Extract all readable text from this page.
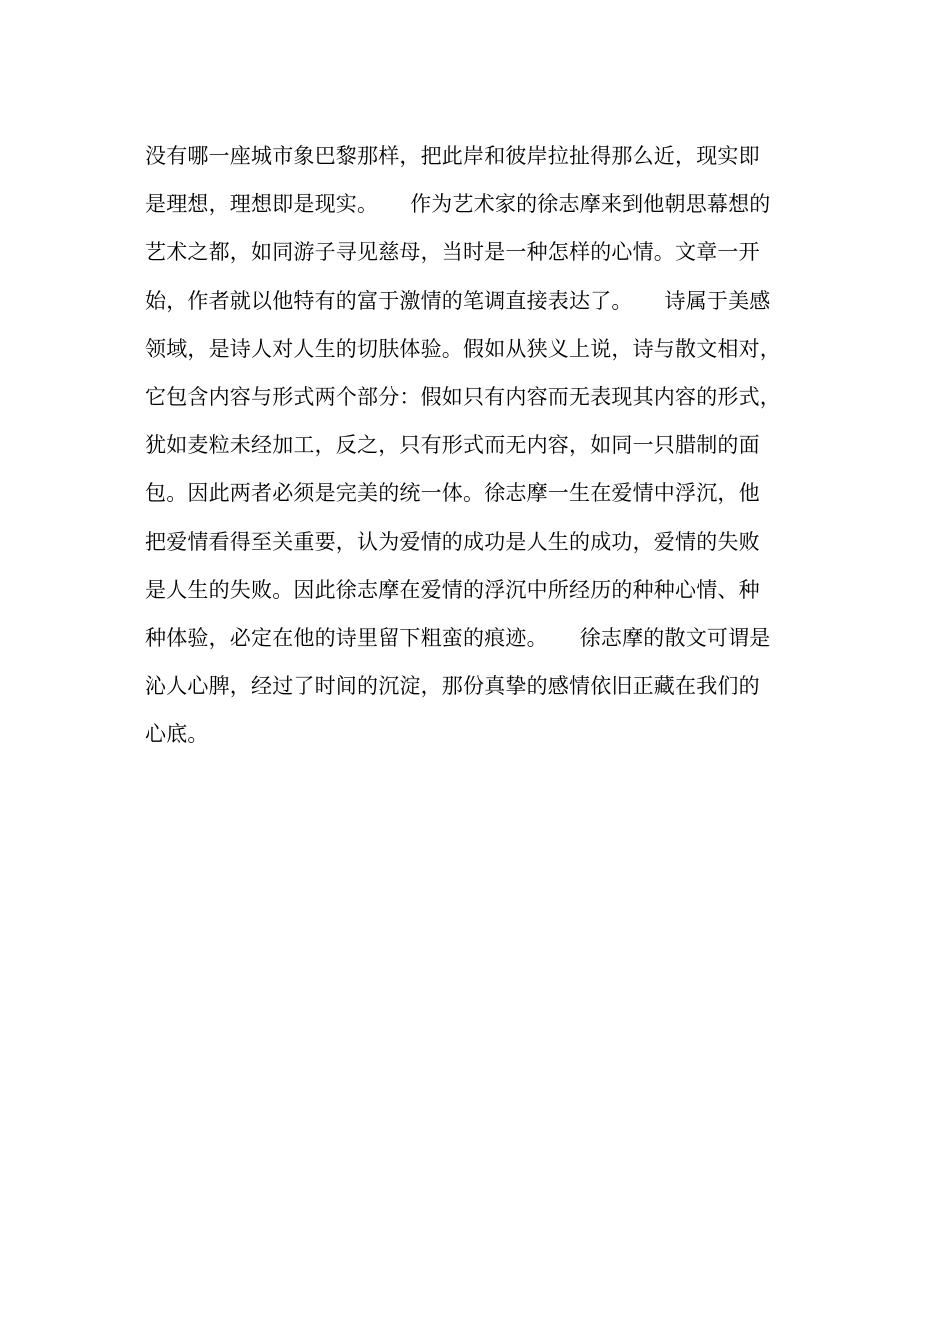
没有哪一座城市象巴黎那样，把此岸和彼岸拉扯得那么近，现实即
是理想，理想即是现实。　　作为艺术家的徐志摩来到他朝思幕想的
艺术之都，如同游子寻见慈母，当时是一种怎样的心情。文章一开
始，作者就以他特有的富于激情的笔调直接表达了。　　诗属于美感
领域，是诗人对人生的切肤体验。假如从狭义上说，诗与散文相对，
它包含内容与形式两个部分：假如只有内容而无表现其内容的形式，
犹如麦粒未经加工，反之，只有形式而无内容，如同一只腊制的面
包。因此两者必须是完美的统一体。徐志摩一生在爱情中浮沉，他
把爱情看得至关重要，认为爱情的成功是人生的成功，爱情的失败
是人生的失败。因此徐志摩在爱情的浮沉中所经历的种种心情、种
种体验，必定在他的诗里留下粗蛮的痕迹。　　徐志摩的散文可谓是
沁人心脾，经过了时间的沉淀，那份真挚的感情依旧正藏在我们的
心底。
